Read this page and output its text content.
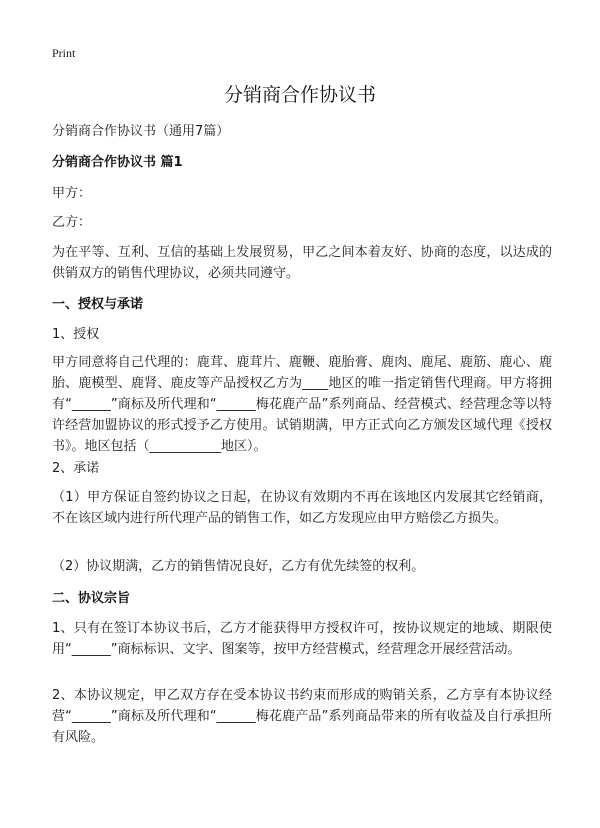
Print
分销商合作协议书

分销商合作协议书（通用7篇）

分销商合作协议书 篇1

甲方：

乙方：

为在平等、互利、互信的基础上发展贸易，甲乙之间本着友好、协商的态度，以达成的供销双方的销售代理协议，必须共同遵守。

一、授权与承诺

1、授权

甲方同意将自己代理的：鹿茸、鹿茸片、鹿鞭、鹿胎膏、鹿肉、鹿尾、鹿筋、鹿心、鹿胎、鹿模型、鹿肾、鹿皮等产品授权乙方为____地区的唯一指定销售代理商。甲方将拥有“______”商标及所代理和“______梅花鹿产品”系列商品、经营模式、经营理念等以特许经营加盟协议的形式授予乙方使用。试销期满，甲方正式向乙方颁发区域代理《授权书》。地区包括（___________地区）。

2、承诺

（1）甲方保证自签约协议之日起，在协议有效期内不再在该地区内发展其它经销商，不在该区域内进行所代理产品的销售工作，如乙方发现应由甲方赔偿乙方损失。

（2）协议期满，乙方的销售情况良好，乙方有优先续签的权利。

二、协议宗旨

1、只有在签订本协议书后，乙方才能获得甲方授权许可，按协议规定的地域、期限使用“______”商标标识、文字、图案等，按甲方经营模式，经营理念开展经营活动。

2、本协议规定，甲乙双方存在受本协议书约束而形成的购销关系，乙方享有本协议经营“______”商标及所代理和“______梅花鹿产品”系列商品带来的所有收益及自行承担所有风险。
